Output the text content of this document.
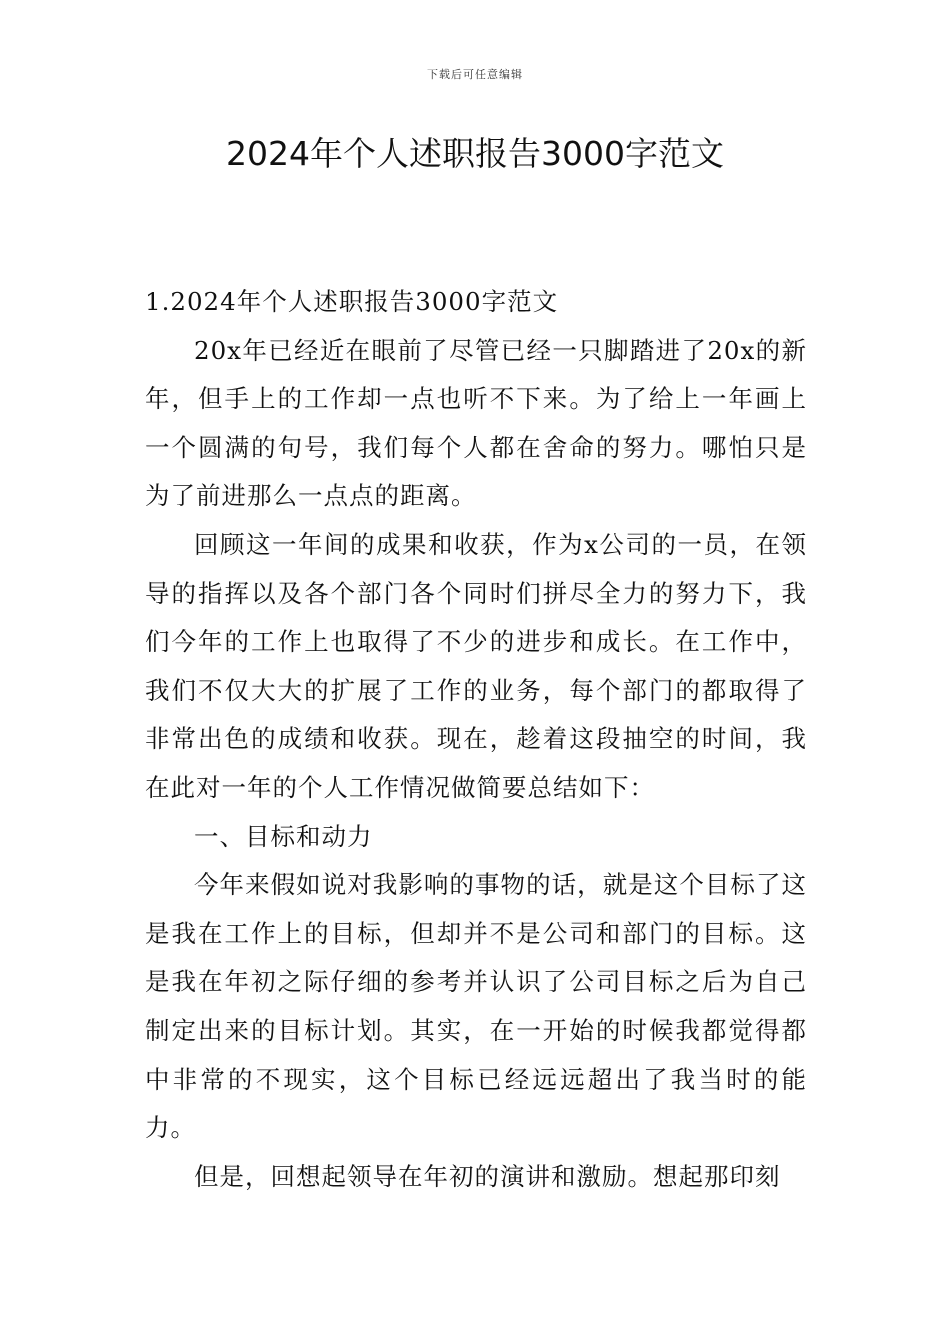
下载后可任意编辑
2024年个人述职报告3000字范文

1.2024年个人述职报告3000字范文

20x年已经近在眼前了尽管已经一只脚踏进了20x的新年，但手上的工作却一点也听不下来。为了给上一年画上一个圆满的句号，我们每个人都在舍命的努力。哪怕只是为了前进那么一点点的距离。

回顾这一年间的成果和收获，作为x公司的一员，在领导的指挥以及各个部门各个同时们拼尽全力的努力下，我们今年的工作上也取得了不少的进步和成长。在工作中，我们不仅大大的扩展了工作的业务，每个部门的都取得了非常出色的成绩和收获。现在，趁着这段抽空的时间，我在此对一年的个人工作情况做简要总结如下：

一、目标和动力

今年来假如说对我影响的事物的话，就是这个目标了这是我在工作上的目标，但却并不是公司和部门的目标。这是我在年初之际仔细的参考并认识了公司目标之后为自己制定出来的目标计划。其实，在一开始的时候我都觉得都中非常的不现实，这个目标已经远远超出了我当时的能力。

但是，回想起领导在年初的演讲和激励。想起那印刻
